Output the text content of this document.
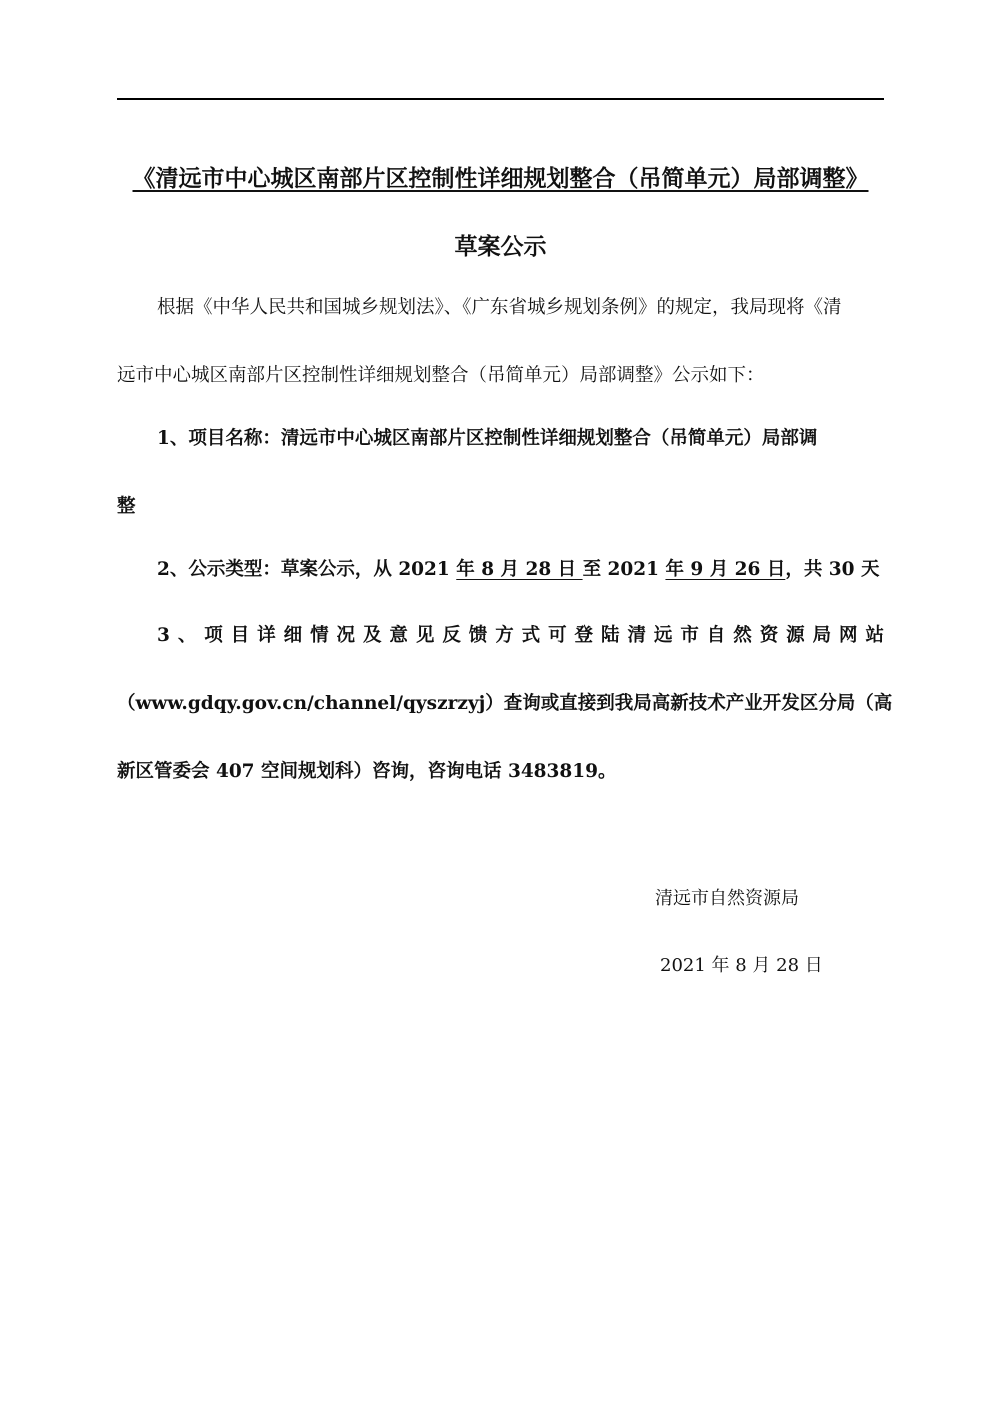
《清远市中心城区南部片区控制性详细规划整合（吊简单元）局部调整》
草案公示
根据《中华人民共和国城乡规划法》、《广东省城乡规划条例》的规定，我局现将《清
远市中心城区南部片区控制性详细规划整合（吊简单元）局部调整》公示如下：
1、项目名称：清远市中心城区南部片区控制性详细规划整合（吊简单元）局部调
整
2、公示类型：草案公示，从 2021 年 8 月 28 日 至 2021 年 9 月 26 日，共 30 天
3、项目详细情况及意见反馈方式可登陆清远市自然资源局网站
（www.gdqy.gov.cn/channel/qyszrzyj）查询或直接到我局高新技术产业开发区分局（高
新区管委会 407 空间规划科）咨询，咨询电话 3483819。
清远市自然资源局
2021 年 8 月 28 日
